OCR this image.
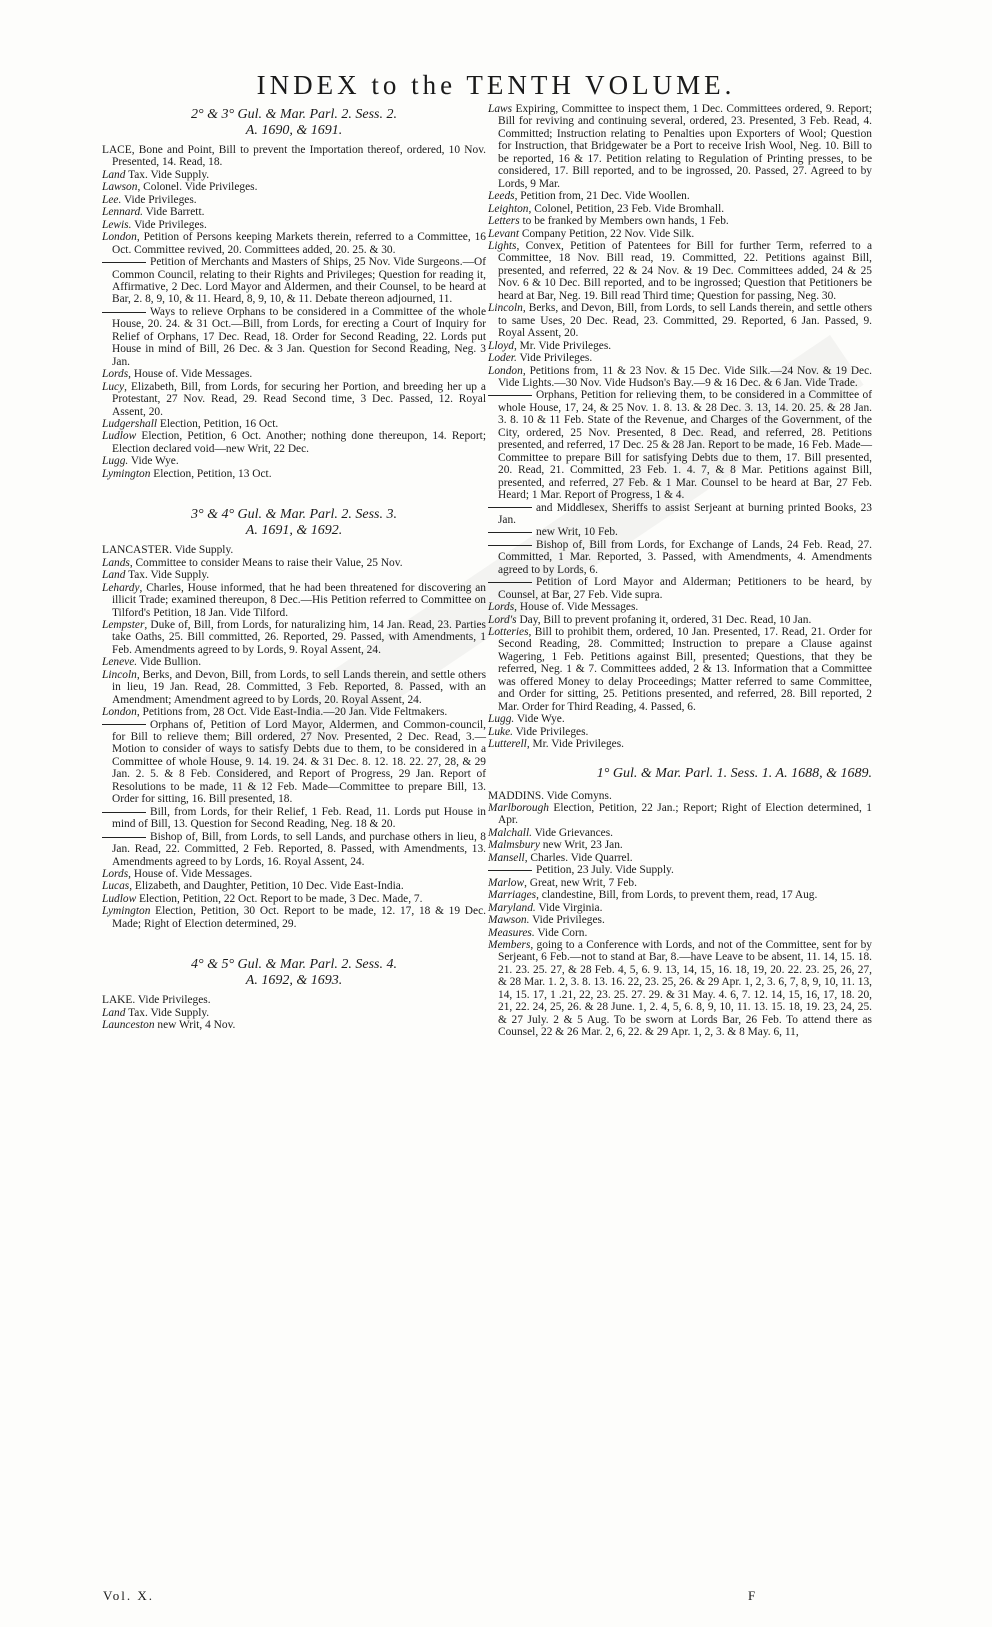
INDEX to the TENTH VOLUME.
2° & 3° Gul. & Mar. Parl. 2. Sess. 2.
A. 1690, & 1691.

LACE, Bone and Point, Bill to prevent the Importation thereof, ordered, 10 Nov. Presented, 14. Read, 18.

Land Tax. Vide Supply.

Lawson, Colonel. Vide Privileges.

Lee. Vide Privileges.

Lennard. Vide Barrett.

Lewis. Vide Privileges.

London, Petition of Persons keeping Markets therein, referred to a Committee, 16 Oct. Committee revived, 20. Committees added, 20. 25. & 30.

Petition of Merchants and Masters of Ships, 25 Nov. Vide Surgeons.—Of Common Council, relating to their Rights and Privileges; Question for reading it, Affirmative, 2 Dec. Lord Mayor and Aldermen, and their Counsel, to be heard at Bar, 2. 8, 9, 10, & 11. Heard, 8, 9, 10, & 11. Debate thereon adjourned, 11.

Ways to relieve Orphans to be considered in a Committee of the whole House, 20. 24. & 31 Oct.—Bill, from Lords, for erecting a Court of Inquiry for Relief of Orphans, 17 Dec. Read, 18. Order for Second Reading, 22. Lords put House in mind of Bill, 26 Dec. & 3 Jan. Question for Second Reading, Neg. 3 Jan.

Lords, House of. Vide Messages.

Lucy, Elizabeth, Bill, from Lords, for securing her Portion, and breeding her up a Protestant, 27 Nov. Read, 29. Read Second time, 3 Dec. Passed, 12. Royal Assent, 20.

Ludgershall Election, Petition, 16 Oct.

Ludlow Election, Petition, 6 Oct. Another; nothing done thereupon, 14. Report; Election declared void—new Writ, 22 Dec.

Lugg. Vide Wye.

Lymington Election, Petition, 13 Oct.

3° & 4° Gul. & Mar. Parl. 2. Sess. 3.
A. 1691, & 1692.

LANCASTER. Vide Supply.

Lands, Committee to consider Means to raise their Value, 25 Nov.

Land Tax. Vide Supply.

Lehardy, Charles, House informed, that he had been threatened for discovering an illicit Trade; examined thereupon, 8 Dec.—His Petition referred to Committee on Tilford's Petition, 18 Jan. Vide Tilford.

Lempster, Duke of, Bill, from Lords, for naturalizing him, 14 Jan. Read, 23. Parties take Oaths, 25. Bill committed, 26. Reported, 29. Passed, with Amendments, 1 Feb. Amendments agreed to by Lords, 9. Royal Assent, 24.

Leneve. Vide Bullion.

Lincoln, Berks, and Devon, Bill, from Lords, to sell Lands therein, and settle others in lieu, 19 Jan. Read, 28. Committed, 3 Feb. Reported, 8. Passed, with an Amendment; Amendment agreed to by Lords, 20. Royal Assent, 24.

London, Petitions from, 28 Oct. Vide East-India.—20 Jan. Vide Feltmakers.

Orphans of, Petition of Lord Mayor, Aldermen, and Common-council, for Bill to relieve them; Bill ordered, 27 Nov. Presented, 2 Dec. Read, 3.—Motion to consider of ways to satisfy Debts due to them, to be considered in a Committee of whole House, 9. 14. 19. 24. & 31 Dec. 8. 12. 18. 22. 27, 28, & 29 Jan. 2. 5. & 8 Feb. Considered, and Report of Progress, 29 Jan. Report of Resolutions to be made, 11 & 12 Feb. Made—Committee to prepare Bill, 13. Order for sitting, 16. Bill presented, 18.

Bill, from Lords, for their Relief, 1 Feb. Read, 11. Lords put House in mind of Bill, 13. Question for Second Reading, Neg. 18 & 20.

Bishop of, Bill, from Lords, to sell Lands, and purchase others in lieu, 8 Jan. Read, 22. Committed, 2 Feb. Reported, 8. Passed, with Amendments, 13. Amendments agreed to by Lords, 16. Royal Assent, 24.

Lords, House of. Vide Messages.

Lucas, Elizabeth, and Daughter, Petition, 10 Dec. Vide East-India.

Ludlow Election, Petition, 22 Oct. Report to be made, 3 Dec. Made, 7.

Lymington Election, Petition, 30 Oct. Report to be made, 12. 17, 18 & 19 Dec. Made; Right of Election determined, 29.

4° & 5° Gul. & Mar. Parl. 2. Sess. 4.
A. 1692, & 1693.

LAKE. Vide Privileges.

Land Tax. Vide Supply.

Launceston new Writ, 4 Nov.

Laws Expiring, Committee to inspect them, 1 Dec. Committees ordered, 9. Report; Bill for reviving and continuing several, ordered, 23. Presented, 3 Feb. Read, 4. Committed; Instruction relating to Penalties upon Exporters of Wool; Question for Instruction, that Bridgewater be a Port to receive Irish Wool, Neg. 10. Bill to be reported, 16 & 17. Petition relating to Regulation of Printing presses, to be considered, 17. Bill reported, and to be ingrossed, 20. Passed, 27. Agreed to by Lords, 9 Mar.

Leeds, Petition from, 21 Dec. Vide Woollen.

Leighton, Colonel, Petition, 23 Feb. Vide Bromhall.

Letters to be franked by Members own hands, 1 Feb.

Levant Company Petition, 22 Nov. Vide Silk.

Lights, Convex, Petition of Patentees for Bill for further Term, referred to a Committee, 18 Nov. Bill read, 19. Committed, 22. Petitions against Bill, presented, and referred, 22 & 24 Nov. & 19 Dec. Committees added, 24 & 25 Nov. 6 & 10 Dec. Bill reported, and to be ingrossed; Question that Petitioners be heard at Bar, Neg. 19. Bill read Third time; Question for passing, Neg. 30.

Lincoln, Berks, and Devon, Bill, from Lords, to sell Lands therein, and settle others to same Uses, 20 Dec. Read, 23. Committed, 29. Reported, 6 Jan. Passed, 9. Royal Assent, 20.

Lloyd, Mr. Vide Privileges.

Loder. Vide Privileges.

London, Petitions from, 11 & 23 Nov. & 15 Dec. Vide Silk.—24 Nov. & 19 Dec. Vide Lights.—30 Nov. Vide Hudson's Bay.—9 & 16 Dec. & 6 Jan. Vide Trade.

Orphans, Petition for relieving them, to be considered in a Committee of whole House, 17, 24, & 25 Nov. 1. 8. 13. & 28 Dec. 3. 13, 14. 20. 25. & 28 Jan. 3. 8. 10 & 11 Feb. State of the Revenue, and Charges of the Government, of the City, ordered, 25 Nov. Presented, 8 Dec. Read, and referred, 28. Petitions presented, and referred, 17 Dec. 25 & 28 Jan. Report to be made, 16 Feb. Made—Committee to prepare Bill for satisfying Debts due to them, 17. Bill presented, 20. Read, 21. Committed, 23 Feb. 1. 4. 7, & 8 Mar. Petitions against Bill, presented, and referred, 27 Feb. & 1 Mar. Counsel to be heard at Bar, 27 Feb. Heard; 1 Mar. Report of Progress, 1 & 4.

and Middlesex, Sheriffs to assist Serjeant at burning printed Books, 23 Jan.

new Writ, 10 Feb.

Bishop of, Bill from Lords, for Exchange of Lands, 24 Feb. Read, 27. Committed, 1 Mar. Reported, 3. Passed, with Amendments, 4. Amendments agreed to by Lords, 6.

Petition of Lord Mayor and Alderman; Petitioners to be heard, by Counsel, at Bar, 27 Feb. Vide supra.

Lords, House of. Vide Messages.

Lord's Day, Bill to prevent profaning it, ordered, 31 Dec. Read, 10 Jan.

Lotteries, Bill to prohibit them, ordered, 10 Jan. Presented, 17. Read, 21. Order for Second Reading, 28. Committed; Instruction to prepare a Clause against Wagering, 1 Feb. Petitions against Bill, presented; Questions, that they be referred, Neg. 1 & 7. Committees added, 2 & 13. Information that a Committee was offered Money to delay Proceedings; Matter referred to same Committee, and Order for sitting, 25. Petitions presented, and referred, 28. Bill reported, 2 Mar. Order for Third Reading, 4. Passed, 6.

Lugg. Vide Wye.

Luke. Vide Privileges.

Lutterell, Mr. Vide Privileges.

1° Gul. & Mar. Parl. 1. Sess. 1. A. 1688, & 1689.

MADDINS. Vide Comyns.

Marlborough Election, Petition, 22 Jan.; Report; Right of Election determined, 1 Apr.

Malchall. Vide Grievances.

Malmsbury new Writ, 23 Jan.

Mansell, Charles. Vide Quarrel.

Petition, 23 July. Vide Supply.

Marlow, Great, new Writ, 7 Feb.

Marriages, clandestine, Bill, from Lords, to prevent them, read, 17 Aug.

Maryland. Vide Virginia.

Mawson. Vide Privileges.

Measures. Vide Corn.

Members, going to a Conference with Lords, and not of the Committee, sent for by Serjeant, 6 Feb.—not to stand at Bar, 8.—have Leave to be absent, 11. 14, 15. 18. 21. 23. 25. 27, & 28 Feb. 4, 5, 6. 9. 13, 14, 15, 16. 18, 19, 20. 22. 23. 25, 26, 27, & 28 Mar. 1. 2, 3. 8. 13. 16. 22, 23. 25, 26. & 29 Apr. 1, 2, 3. 6, 7, 8, 9, 10, 11. 13, 14, 15. 17, 1 .21, 22, 23. 25. 27. 29. & 31 May. 4. 6, 7. 12. 14, 15, 16, 17, 18. 20, 21, 22. 24, 25, 26. & 28 June. 1, 2. 4, 5, 6. 8, 9, 10, 11. 13. 15. 18, 19. 23, 24, 25. & 27 July. 2 & 5 Aug. To be sworn at Lords Bar, 26 Feb. To attend there as Counsel, 22 & 26 Mar. 2, 6, 22. & 29 Apr. 1, 2, 3. & 8 May. 6, 11,

Vol. X.	F
